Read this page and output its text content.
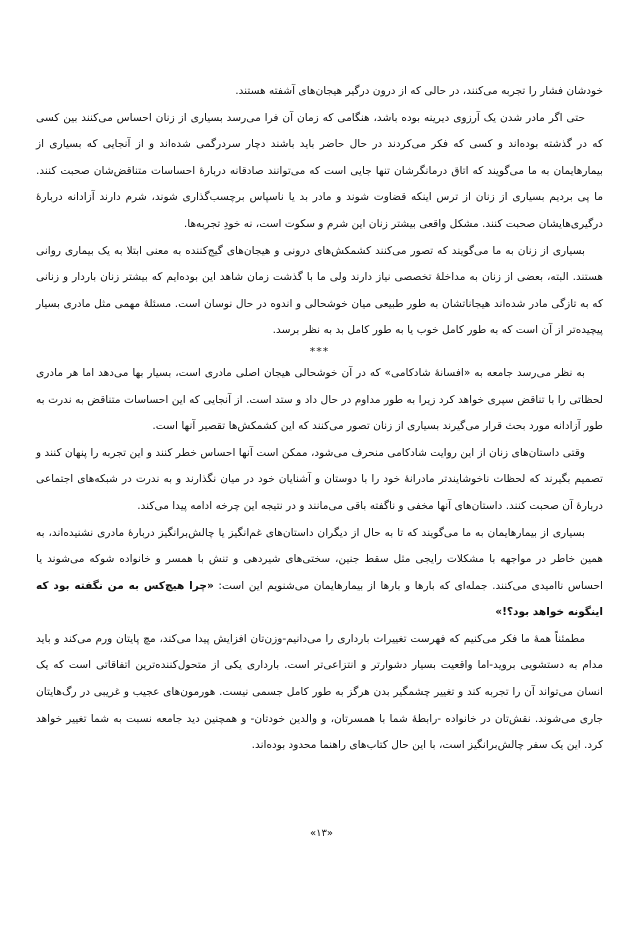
خودشان فشار را تجربه می‌کنند، در حالی که از درون درگیر هیجان‌های آشفته هستند.

حتی اگر مادر شدن یک آرزوی دیرینه بوده باشد، هنگامی که زمان آن فرا می‌رسد بسیاری از زنان احساس می‌کنند بین کسی که در گذشته بوده‌اند و کسی که فکر می‌کردند در حال حاضر باید باشند دچار سردرگمی شده‌اند و از آنجایی که بسیاری از بیمارهایمان به ما می‌گویند که اتاق درمانگرشان تنها جایی است که می‌توانند صادقانه دربارهٔ احساسات متناقض‌شان صحبت کنند. ما پی بردیم بسیاری از زنان از ترس اینکه قضاوت شوند و مادر بد یا ناسپاس برچسب‌گذاری شوند، شرم دارند آزادانه دربارهٔ درگیری‌هایشان صحبت کنند. مشکل واقعی بیشتر زنان این شرم و سکوت است، نه خودِ تجربه‌ها.

بسیاری از زنان به ما می‌گویند که تصور می‌کنند کشمکش‌های درونی و هیجان‌های گیج‌کننده به معنی ابتلا به یک بیماری روانی هستند. البته، بعضی از زنان به مداخلهٔ تخصصی نیاز دارند ولی ما با گذشت زمان شاهد این بوده‌ایم که بیشتر زنان باردار و زنانی که به تازگی مادر شده‌اند هیجاناتشان به طور طبیعی میان خوشحالی و اندوه در حال نوسان است. مسئلهٔ مهمی مثل مادری بسیار پیچیده‌تر از آن است که به طور کامل خوب یا به طور کامل بد به نظر برسد.

***

به نظر می‌رسد جامعه به «افسانهٔ شادکامی» که در آن خوشحالی هیجان اصلی مادری است، بسیار بها می‌دهد اما هر مادری لحظاتی را با تناقض سپری خواهد کرد زیرا به طور مداوم در حال داد و ستد است. از آنجایی که این احساسات متناقض به ندرت به طور آزادانه مورد بحث قرار می‌گیرند بسیاری از زنان تصور می‌کنند که این کشمکش‌ها تقصیر آنها است.

وقتی داستان‌های زنان از این روایت شادکامی منحرف می‌شود، ممکن است آنها احساس خطر کنند و این تجربه را پنهان کنند و تصمیم بگیرند که لحظات ناخوشایندتر مادرانهٔ خود را با دوستان و آشنایان خود در میان نگذارند و به ندرت در شبکه‌های اجتماعی دربارهٔ آن صحبت کنند. داستان‌های آنها مخفی و ناگفته باقی می‌مانند و در نتیجه این چرخه ادامه پیدا می‌کند.

بسیاری از بیمارهایمان به ما می‌گویند که تا به حال از دیگران داستان‌های غم‌انگیز یا چالش‌برانگیز دربارهٔ مادری نشنیده‌اند، به همین خاطر در مواجهه با مشکلات رایجی مثل سقط جنین، سختی‌های شیردهی و تنش با همسر و خانواده شوکه می‌شوند یا احساس ناامیدی می‌کنند. جمله‌ای که بارها و بارها از بیمارهایمان می‌شنویم این است: «چرا هیچ‌کس به من نگفته بود که اینگونه خواهد بود؟!»

مطمئناً همهٔ ما فکر می‌کنیم که فهرست تغییرات بارداری را می‌دانیم-وزن‌تان افزایش پیدا می‌کند، مچ پایتان ورم می‌کند و باید مدام به دستشویی بروید-اما واقعیت بسیار دشوارتر و انتزاعی‌تر است. بارداری یکی از متحول‌کننده‌ترین اتفاقاتی است که یک انسان می‌تواند آن را تجربه کند و تغییر چشمگیر بدن هرگز به طور کامل جسمی نیست. هورمون‌های عجیب و غریبی در رگ‌هایتان جاری می‌شوند. نقش‌تان در خانواده -رابطهٔ شما با همسرتان، و والدین خودتان- و همچنین دید جامعه نسبت به شما تغییر خواهد کرد. این یک سفر چالش‌برانگیز است، با این حال کتاب‌های راهنما محدود بوده‌اند.

«۱۳»
